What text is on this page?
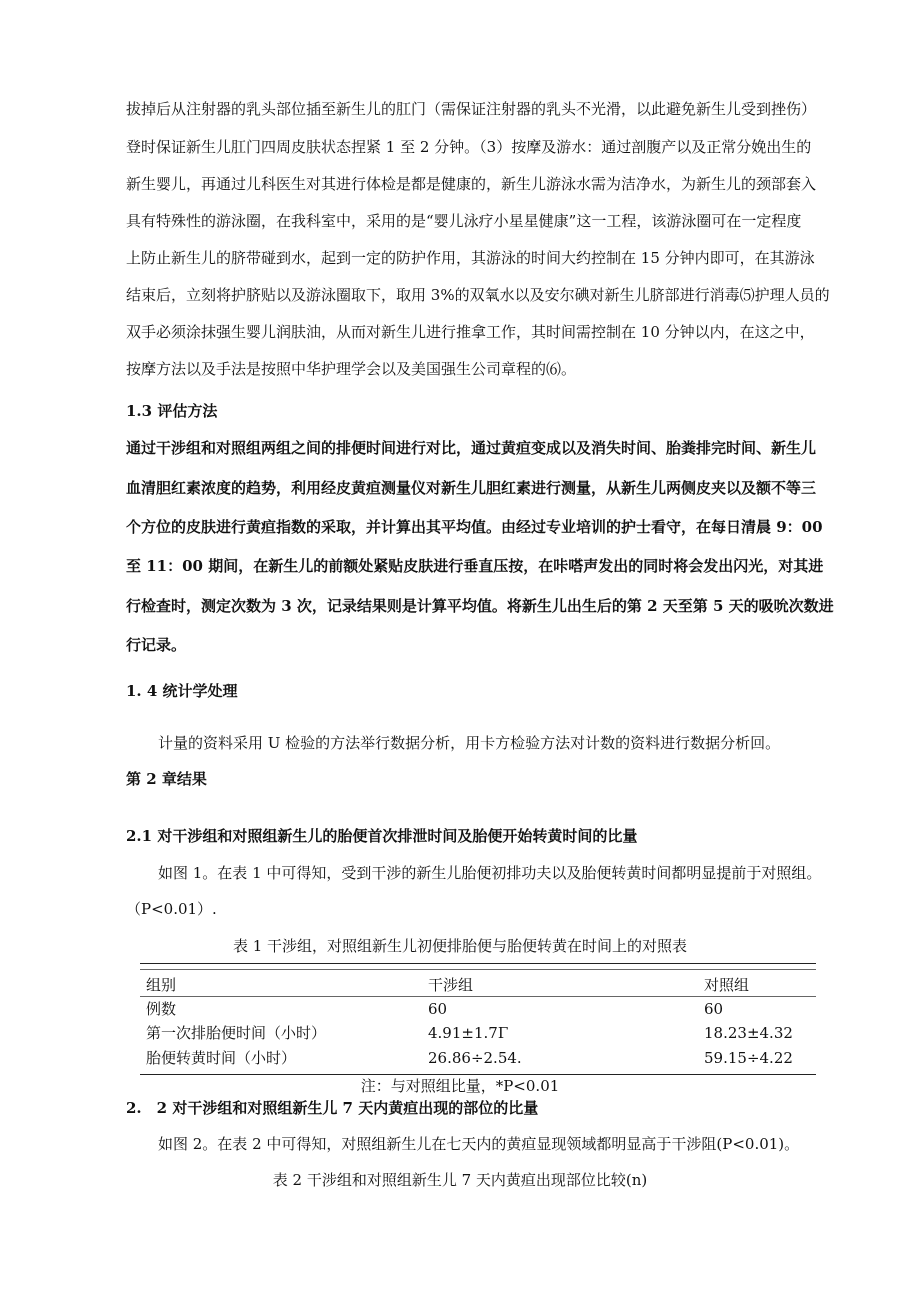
拔掉后从注射器的乳头部位插至新生儿的肛门（需保证注射器的乳头不光滑，以此避免新生儿受到挫伤）
登时保证新生儿肛门四周皮肤状态捏紧 1 至 2 分钟。（3）按摩及游水：通过剖腹产以及正常分娩出生的
新生婴儿，再通过儿科医生对其进行体检是都是健康的，新生儿游泳水需为洁净水，为新生儿的颈部套入
具有特殊性的游泳圈，在我科室中，采用的是“婴儿泳疗小星星健康”这一工程，该游泳圈可在一定程度
上防止新生儿的脐带碰到水，起到一定的防护作用，其游泳的时间大约控制在 15 分钟内即可，在其游泳
结束后，立刻将护脐贴以及游泳圈取下，取用 3%的双氧水以及安尔碘对新生儿脐部进行消毒⑸护理人员的
双手必须涂抹强生婴儿润肤油，从而对新生儿进行推拿工作，其时间需控制在 10 分钟以内，在这之中，
按摩方法以及手法是按照中华护理学会以及美国强生公司章程的⑹。
1.3 评估方法
通过干涉组和对照组两组之间的排便时间进行对比，通过黄疸变成以及消失时间、胎粪排完时间、新生儿
血清胆红素浓度的趋势，利用经皮黄疸测量仪对新生儿胆红素进行测量，从新生儿两侧皮夹以及额不等三
个方位的皮肤进行黄疸指数的采取，并计算出其平均值。由经过专业培训的护士看守，在每日清晨 9：00
至 11：00 期间，在新生儿的前额处紧贴皮肤进行垂直压按，在咔嗒声发出的同时将会发出闪光，对其进
行检查时，测定次数为 3 次，记录结果则是计算平均值。将新生儿出生后的第 2 天至第 5 天的吸吮次数进
行记录。
1. 4 统计学处理
计量的资料采用 U 检验的方法举行数据分析，用卡方检验方法对计数的资料进行数据分析回。
第 2 章结果
2.1 对干涉组和对照组新生儿的胎便首次排泄时间及胎便开始转黄时间的比量
如图 1。在表 1 中可得知，受到干涉的新生儿胎便初排功夫以及胎便转黄时间都明显提前于对照组。
（P<0.01）.
表 1 干涉组，对照组新生儿初便排胎便与胎便转黄在时间上的对照表
组别	干涉组	对照组
例数	60	60
第一次排胎便时间（小时）	4.91±1.7Γ	18.23±4.32
胎便转黄时间（小时）	26.86÷2.54.	59.15÷4.22
注：与对照组比量，*P<0.01
2.　2 对干涉组和对照组新生儿 7 天内黄疸出现的部位的比量
如图 2。在表 2 中可得知，对照组新生儿在七天内的黄疸显现领域都明显高于干涉阻(P<0.01)。
表 2 干涉组和对照组新生儿 7 天内黄疸出现部位比较(n)
